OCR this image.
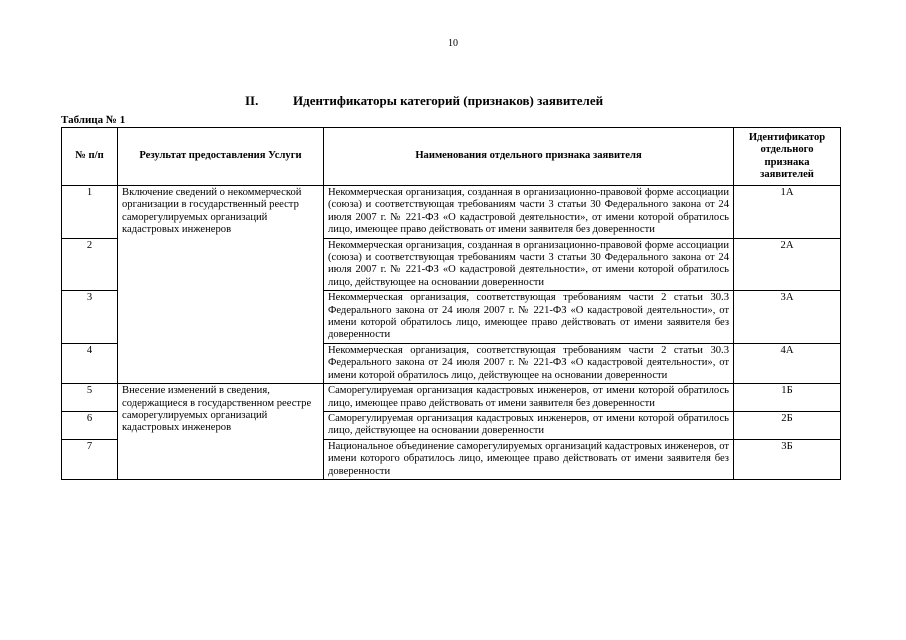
10
II.	Идентификаторы категорий (признаков) заявителей
Таблица № 1
№ п/п	Результат предоставления Услуги	Наименования отдельного признака заявителя	Идентификатор отдельного признака заявителей
1	Включение сведений о некоммерческой организации в государственный реестр саморегулируемых организаций кадастровых инженеров	Некоммерческая организация, созданная в организационно-правовой форме ассоциации (союза) и соответствующая требованиям части 3 статьи 30 Федерального закона от 24 июля 2007 г. № 221-ФЗ «О кадастровой деятельности», от имени которой обратилось лицо, имеющее право действовать от имени заявителя без доверенности	1А
2		Некоммерческая организация, созданная в организационно-правовой форме ассоциации (союза) и соответствующая требованиям части 3 статьи 30 Федерального закона от 24 июля 2007 г. № 221-ФЗ «О кадастровой деятельности», от имени которой обратилось лицо, действующее на основании доверенности	2А
3		Некоммерческая организация, соответствующая требованиям части 2 статьи 30.3 Федерального закона от 24 июля 2007 г. № 221-ФЗ «О кадастровой деятельности», от имени которой обратилось лицо, имеющее право действовать от имени заявителя без доверенности	3А
4		Некоммерческая организация, соответствующая требованиям части 2 статьи 30.3 Федерального закона от 24 июля 2007 г. № 221-ФЗ «О кадастровой деятельности», от имени которой обратилось лицо, действующее на основании доверенности	4А
5	Внесение изменений в сведения, содержащиеся в государственном реестре саморегулируемых организаций кадастровых инженеров	Саморегулируемая организация кадастровых инженеров, от имени которой обратилось лицо, имеющее право действовать от имени заявителя без доверенности	1Б
6		Саморегулируемая организация кадастровых инженеров, от имени которой обратилось лицо, действующее на основании доверенности	2Б
7		Национальное объединение саморегулируемых организаций кадастровых инженеров, от имени которого обратилось лицо, имеющее право действовать от имени заявителя без доверенности	3Б
